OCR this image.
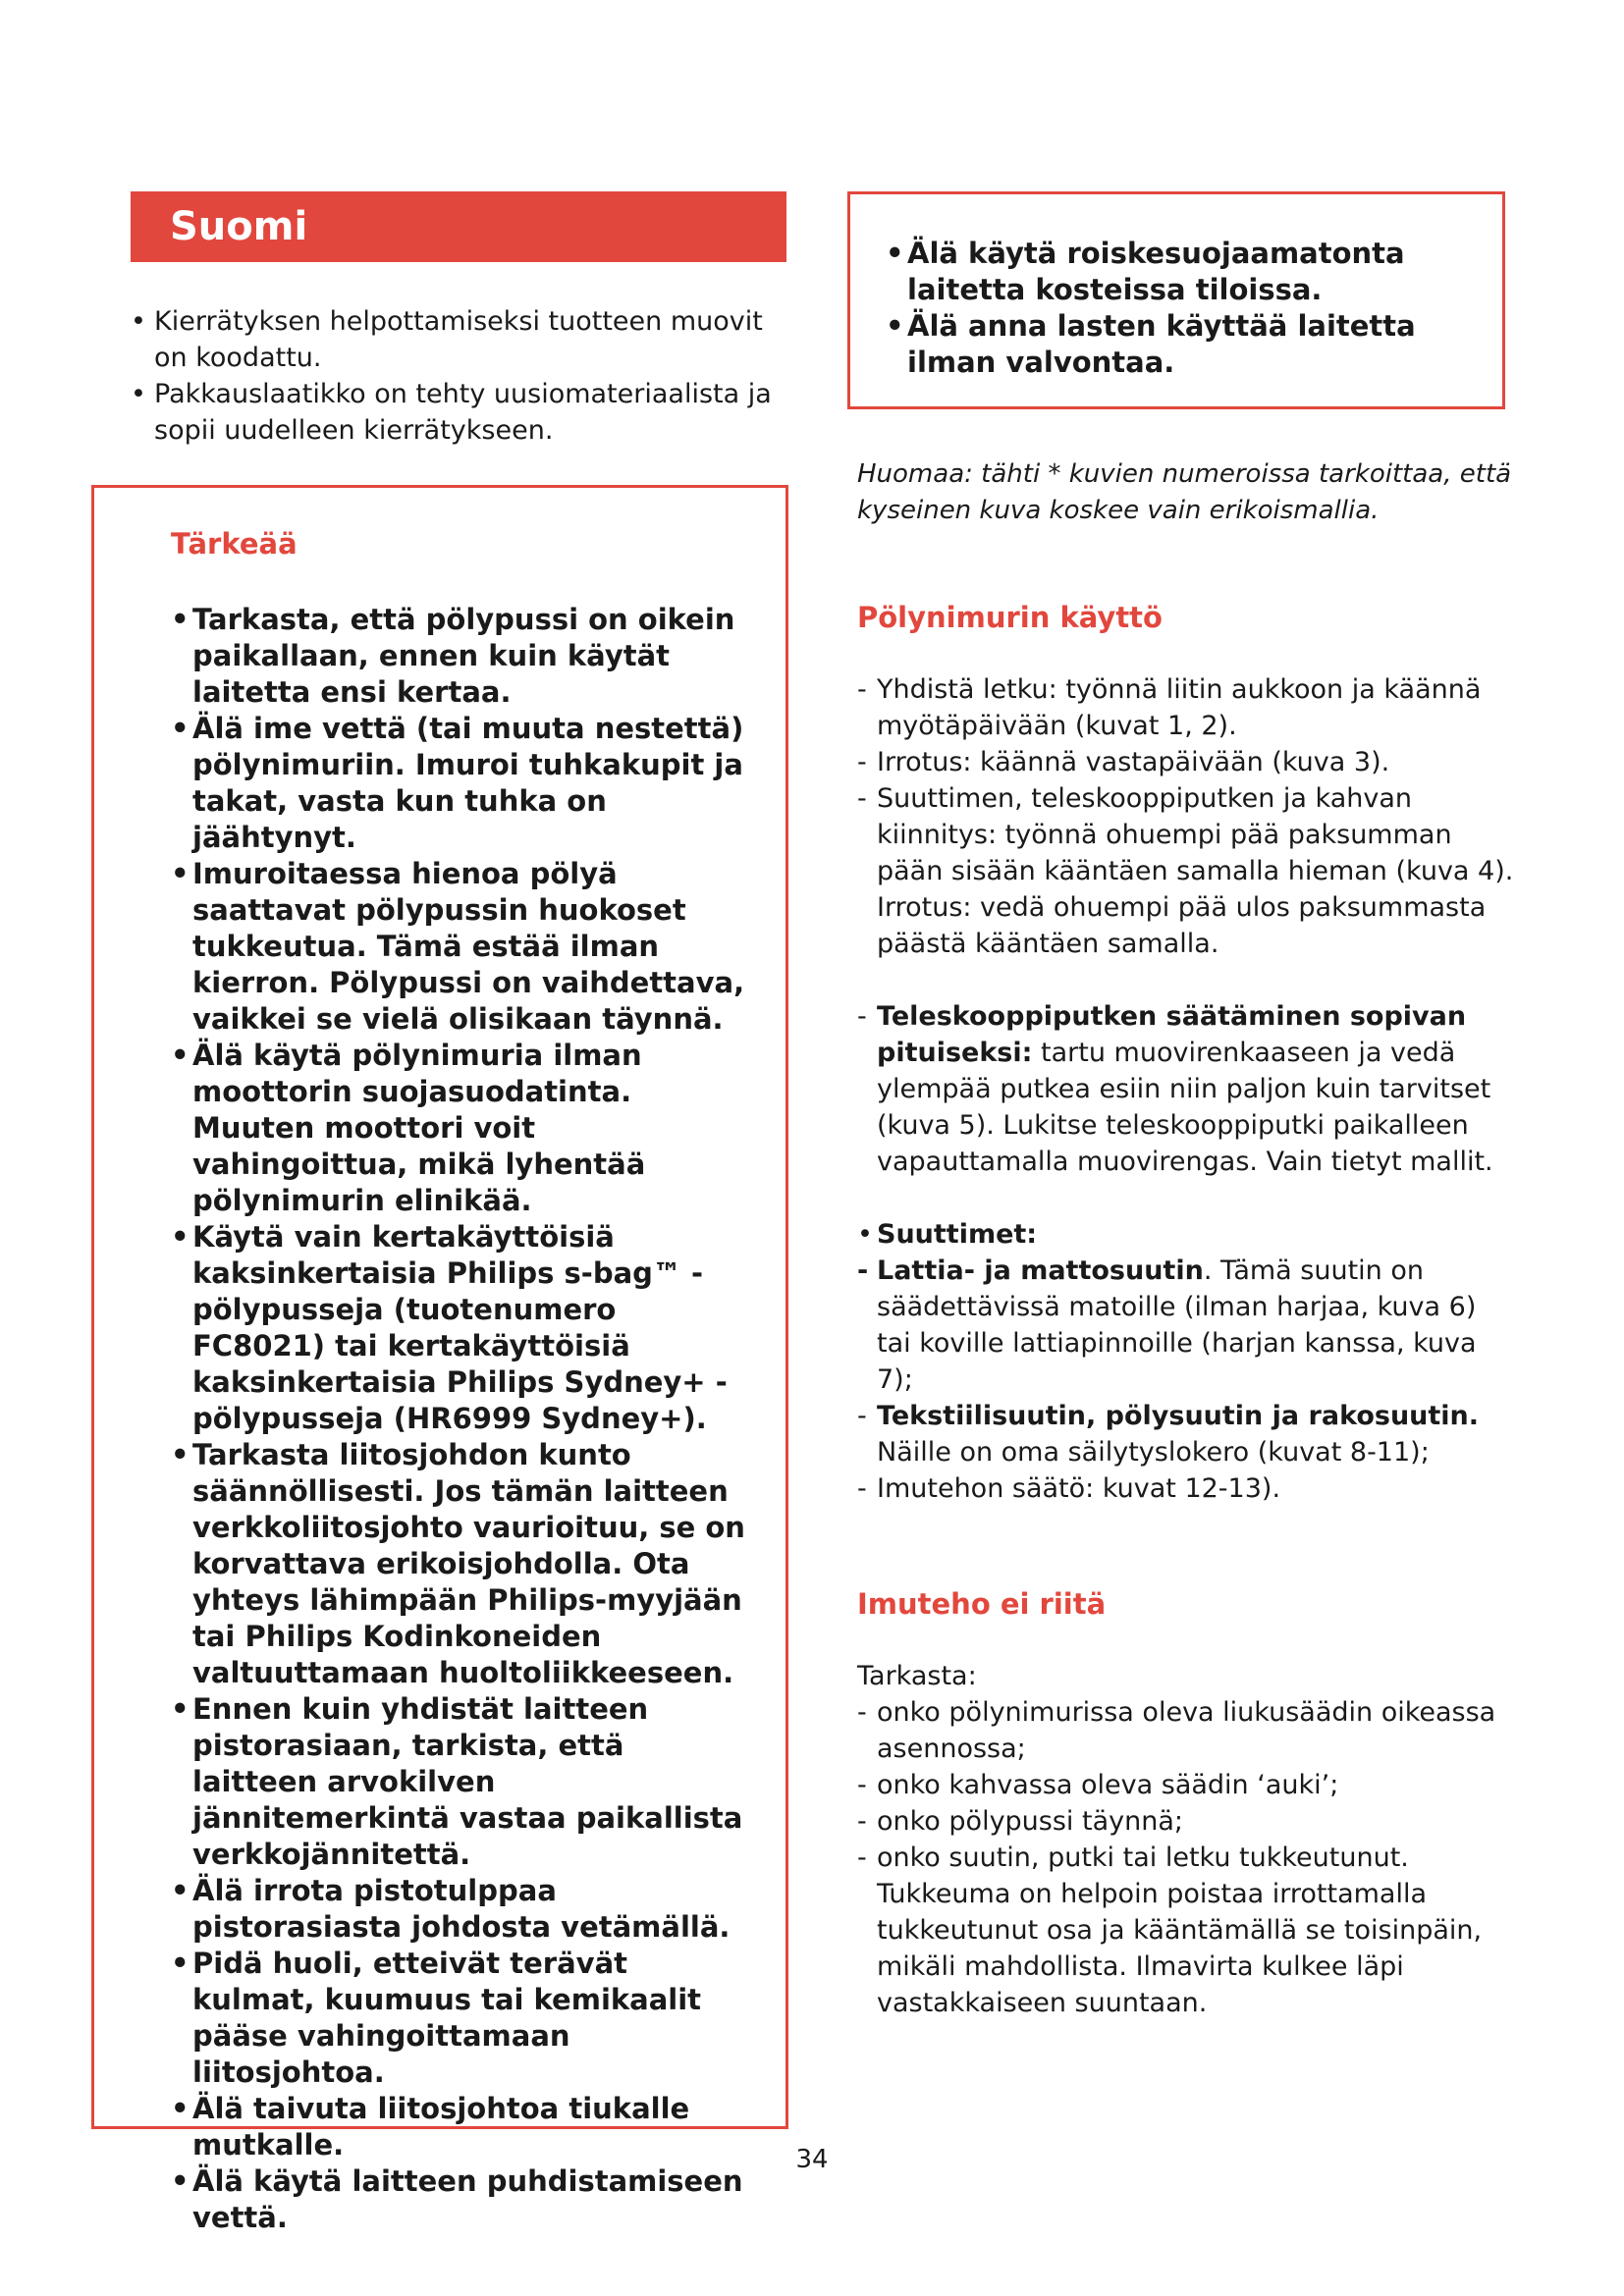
Suomi
• Kierrätyksen helpottamiseksi tuotteen muovit on koodattu.
• Pakkauslaatikko on tehty uusiomateriaalista ja sopii uudelleen kierrätykseen.
Tärkeää
• Tarkasta, että pölypussi on oikein paikallaan, ennen kuin käytät laitetta ensi kertaa.
• Älä ime vettä (tai muuta nestettä) pölynimuriin. Imuroi tuhkakupit ja takat, vasta kun tuhka on jäähtynyt.
• Imuroitaessa hienoa pölyä saattavat pölypussin huokoset tukkeutua. Tämä estää ilman kierron. Pölypussi on vaihdettava, vaikkei se vielä olisikaan täynnä.
• Älä käytä pölynimuria ilman moottorin suojasuodatinta. Muuten moottori voit vahingoittua, mikä lyhentää pölynimurin elinikää.
• Käytä vain kertakäyttöisiä kaksinkertaisia Philips s-bag™ -pölypusseja (tuotenumero FC8021) tai kertakäyttöisiä kaksinkertaisia Philips Sydney+ -pölypusseja (HR6999 Sydney+).
• Tarkasta liitosjohdon kunto säännöllisesti. Jos tämän laitteen verkkoliitosjohto vaurioituu, se on korvattava erikoisjohdolla. Ota yhteys lähimpään Philips-myyjään tai Philips Kodinkoneiden valtuuttamaan huoltoliikkeeseen.
• Ennen kuin yhdistät laitteen pistorasiaan, tarkista, että laitteen arvokilven jännitemerkintä vastaa paikallista verkkojännitettä.
• Älä irrota pistotulppaa pistorasiasta johdosta vetämällä.
• Pidä huoli, etteivät terävät kulmat, kuumuus tai kemikaalit pääse vahingoittamaan liitosjohtoa.
• Älä taivuta liitosjohtoa tiukalle mutkalle.
• Älä käytä laitteen puhdistamiseen vettä.
• Älä käytä roiskesuojaamatonta laitetta kosteissa tiloissa.
• Älä anna lasten käyttää laitetta ilman valvontaa.
Huomaa: tähti * kuvien numeroissa tarkoittaa, että kyseinen kuva koskee vain erikoismallia.
Pölynimurin käyttö
- Yhdistä letku: työnnä liitin aukkoon ja käännä myötäpäivään (kuvat 1, 2).
- Irrotus: käännä vastapäivään (kuva 3).
- Suuttimen, teleskooppiputken ja kahvan kiinnitys: työnnä ohuempi pää paksumman pään sisään kääntäen samalla hieman (kuva 4). Irrotus: vedä ohuempi pää ulos paksummasta päästä kääntäen samalla.
- Teleskooppiputken säätäminen sopivan pituiseksi: tartu muovirenkaaseen ja vedä ylempää putkea esiin niin paljon kuin tarvitset (kuva 5). Lukitse teleskooppiputki paikalleen vapauttamalla muovirengas. Vain tietyt mallit.
• Suuttimet:
- Lattia- ja mattosuutin. Tämä suutin on säädettävissä matoille (ilman harjaa, kuva 6) tai koville lattiapinnoille (harjan kanssa, kuva 7);
- Tekstiilisuutin, pölysuutin ja rakosuutin. Näille on oma säilytyslokero (kuvat 8-11);
- Imutehon säätö: kuvat 12-13).
Imuteho ei riitä
Tarkasta:
- onko pölynimurissa oleva liukusäädin oikeassa asennossa;
- onko kahvassa oleva säädin ‘auki’;
- onko pölypussi täynnä;
- onko suutin, putki tai letku tukkeutunut. Tukkeuma on helpoin poistaa irrottamalla tukkeutunut osa ja kääntämällä se toisinpäin, mikäli mahdollista. Ilmavirta kulkee läpi vastakkaiseen suuntaan.
34
